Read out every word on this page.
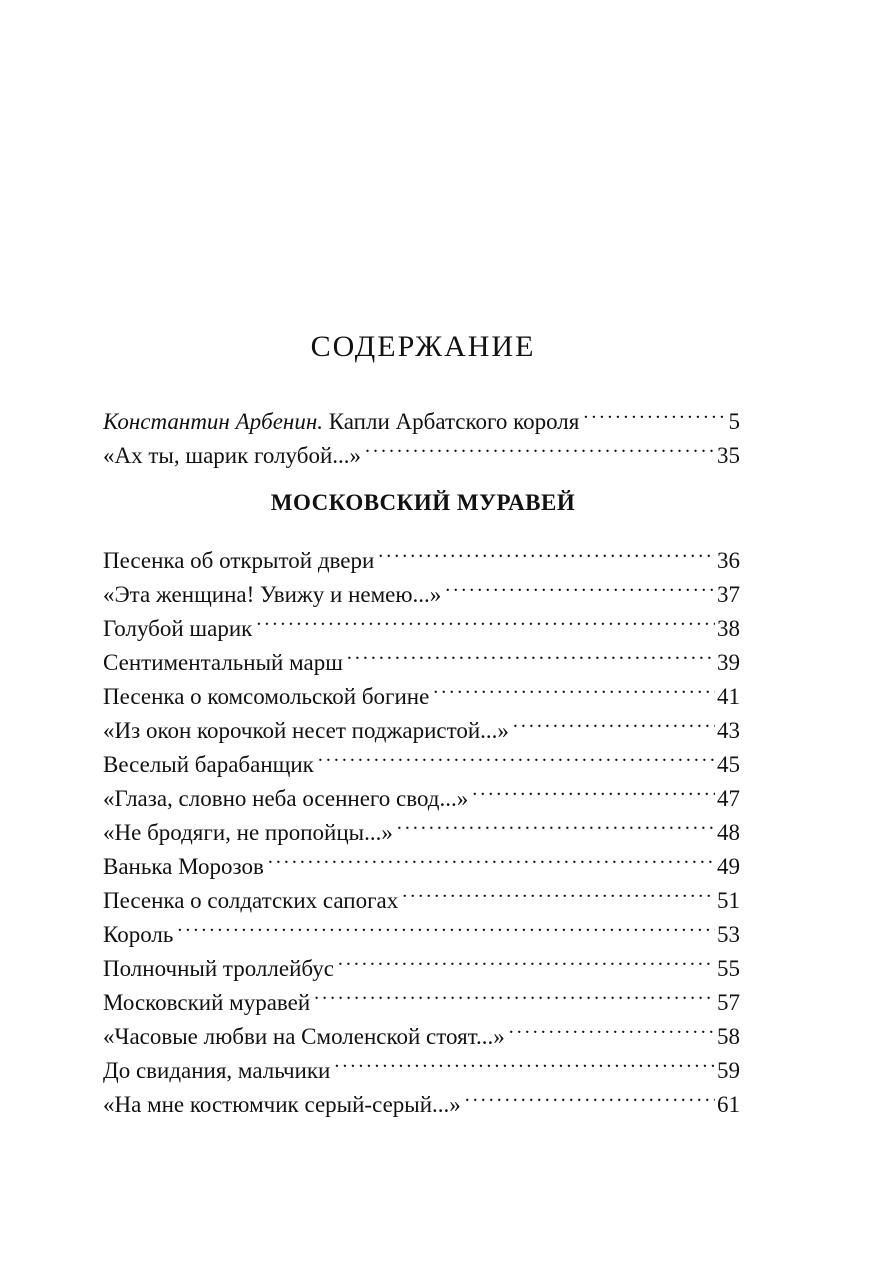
СОДЕРЖАНИЕ
Константин Арбенин. Капли Арбатского короля . . .	5
«Ах ты, шарик голубой...» . . .	35
МОСКОВСКИЙ МУРАВЕЙ
Песенка об открытой двери . . .	36
«Эта женщина! Увижу и немею...» . . .	37
Голубой шарик . . .	38
Сентиментальный марш . . .	39
Песенка о комсомольской богине . . .	41
«Из окон корочкой несет поджаристой...» . . .	43
Веселый барабанщик . . .	45
«Глаза, словно неба осеннего свод...» . . .	47
«Не бродяги, не пропойцы...» . . .	48
Ванька Морозов . . .	49
Песенка о солдатских сапогах . . .	51
Король . . .	53
Полночный троллейбус . . .	55
Московский муравей . . .	57
«Часовые любви на Смоленской стоят...» . . .	58
До свидания, мальчики . . .	59
«На мне костюмчик серый-серый...» . . .	61
